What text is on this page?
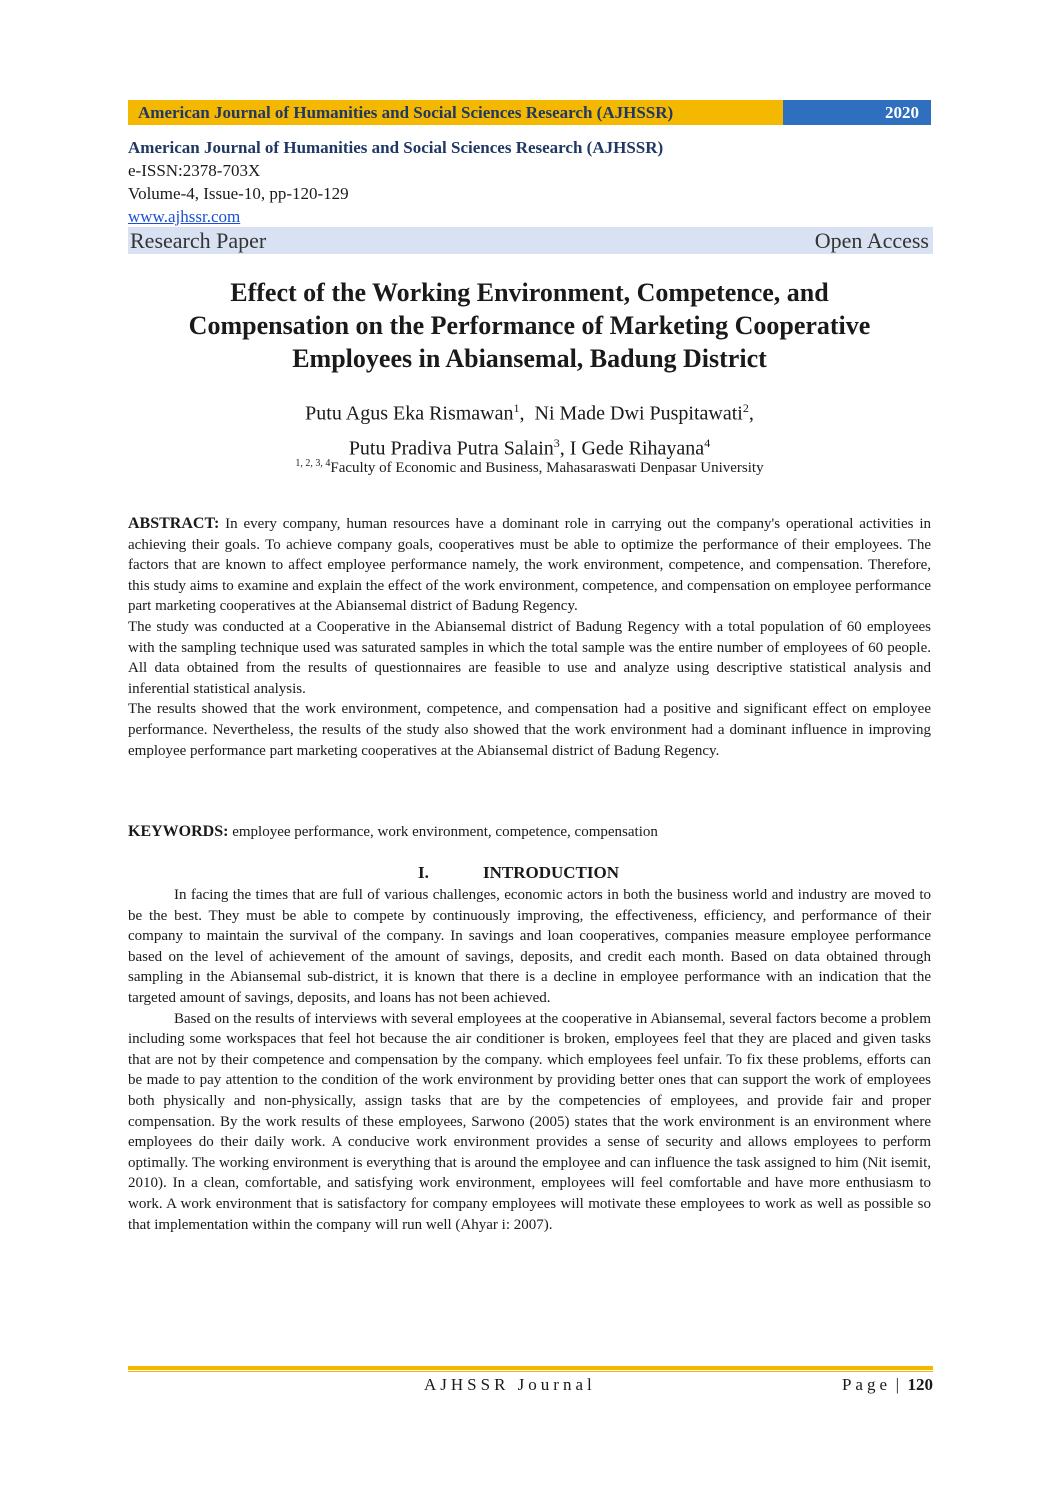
American Journal of Humanities and Social Sciences Research (AJHSSR)	2020
American Journal of Humanities and Social Sciences Research (AJHSSR)
e-ISSN:2378-703X
Volume-4, Issue-10, pp-120-129
www.ajhssr.com
Research Paper	Open Access
Effect of the Working Environment, Competence, and
Compensation on the Performance of Marketing Cooperative
Employees in Abiansemal, Badung District
Putu Agus Eka Rismawan$^1$,  Ni Made Dwi Puspitawati$^2$,
Putu Pradiva Putra Salain$^3$, I Gede Rihayana$^4$
$^{1, 2, 3, 4}$Faculty of Economic and Business, Mahasaraswati Denpasar University

ABSTRACT: In every company, human resources have a dominant role in carrying out the company's operational activities in achieving their goals. To achieve company goals, cooperatives must be able to optimize the performance of their employees. The factors that are known to affect employee performance namely, the work environment, competence, and compensation. Therefore, this study aims to examine and explain the effect of the work environment, competence, and compensation on employee performance part marketing cooperatives at the Abiansemal district of Badung Regency.

The study was conducted at a Cooperative in the Abiansemal district of Badung Regency with a total population of 60 employees with the sampling technique used was saturated samples in which the total sample was the entire number of employees of 60 people. All data obtained from the results of questionnaires are feasible to use and analyze using descriptive statistical analysis and inferential statistical analysis.

The results showed that the work environment, competence, and compensation had a positive and significant effect on employee performance. Nevertheless, the results of the study also showed that the work environment had a dominant influence in improving employee performance part marketing cooperatives at the Abiansemal district of Badung Regency.

KEYWORDS: employee performance, work environment, competence, compensation
I.	INTRODUCTION

In facing the times that are full of various challenges, economic actors in both the business world and industry are moved to be the best. They must be able to compete by continuously improving, the effectiveness, efficiency, and performance of their company to maintain the survival of the company. In savings and loan cooperatives, companies measure employee performance based on the level of achievement of the amount of savings, deposits, and credit each month. Based on data obtained through sampling in the Abiansemal sub-district, it is known that there is a decline in employee performance with an indication that the targeted amount of savings, deposits, and loans has not been achieved.

Based on the results of interviews with several employees at the cooperative in Abiansemal, several factors become a problem including some workspaces that feel hot because the air conditioner is broken, employees feel that they are placed and given tasks that are not by their competence and compensation by the company. which employees feel unfair. To fix these problems, efforts can be made to pay attention to the condition of the work environment by providing better ones that can support the work of employees both physically and non-physically, assign tasks that are by the competencies of employees, and provide fair and proper compensation. By the work results of these employees, Sarwono (2005) states that the work environment is an environment where employees do their daily work. A conducive work environment provides a sense of security and allows employees to perform optimally. The working environment is everything that is around the employee and can influence the task assigned to him (Nit isemit, 2010). In a clean, comfortable, and satisfying work environment, employees will feel comfortable and have more enthusiasm to work. A work environment that is satisfactory for company employees will motivate these employees to work as well as possible so that implementation within the company will run well (Ahyar i: 2007).

AJHSSR Journal	Page | 120
